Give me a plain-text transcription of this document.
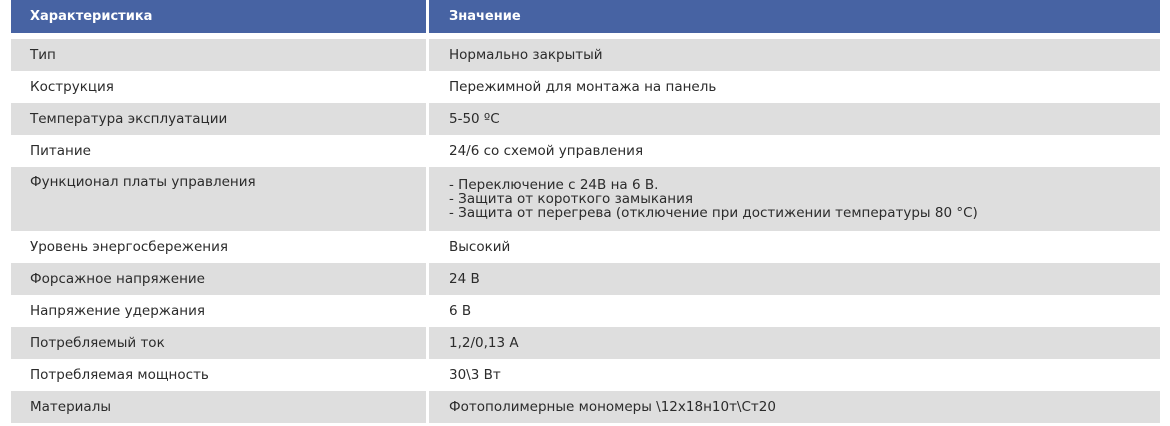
Характеристика	Значение
Тип	Нормально закрытый
Кострукция	Пережимной для монтажа на панель
Температура эксплуатации	5-50 ºС
Питание	24/6 со схемой управления
Функционал платы управления	- Переключение с 24В на 6 В.
- Защита от короткого замыкания
- Защита от перегрева (отключение при достижении температуры 80 °С)
Уровень энергосбережения	Высокий
Форсажное напряжение	24 В
Напряжение удержания	6 В
Потребляемый ток	1,2/0,13 А
Потребляемая мощность	30\3 Вт
Материалы	Фотополимерные мономеры \12х18н10т\Ст20
